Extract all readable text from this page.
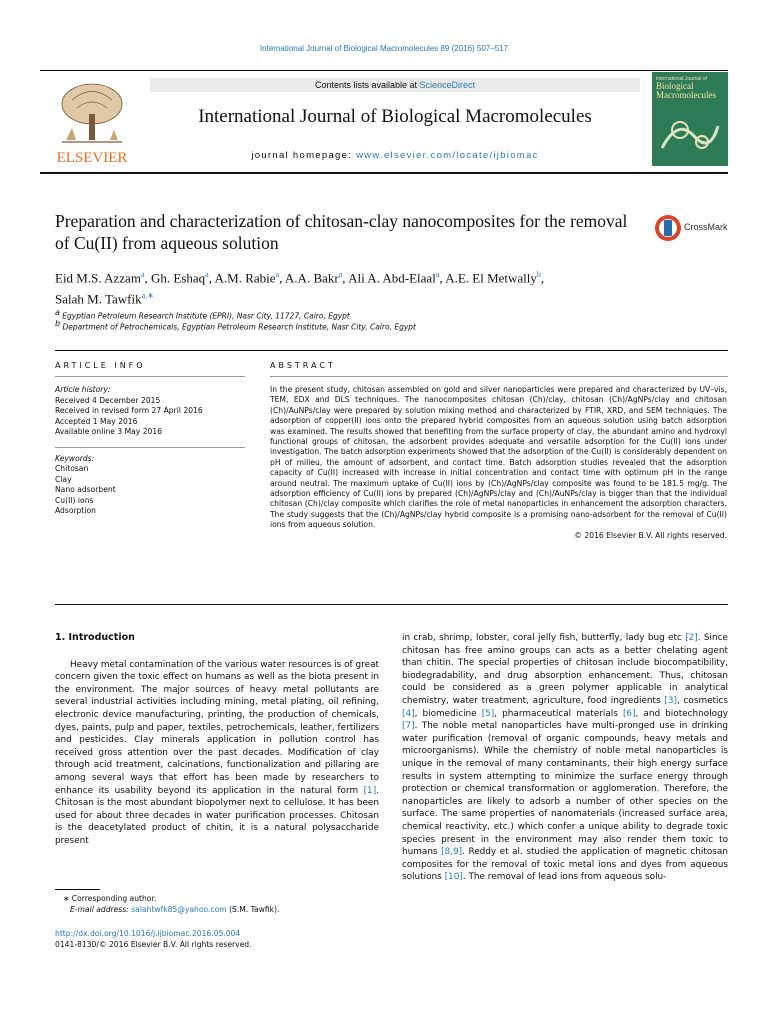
International Journal of Biological Macromolecules 89 (2016) 507–517
ELSEVIER
Contents lists available at ScienceDirect
International Journal of Biological Macromolecules
journal homepage: www.elsevier.com/locate/ijbiomac
International Journal of
Biological Macromolecules
Preparation and characterization of chitosan-clay nanocomposites for the removal of Cu(II) from aqueous solution
CrossMark
Eid M.S. Azzam$^a$, Gh. Eshaq$^a$, A.M. Rabie$^a$, A.A. Bakr$^a$, Ali A. Abd-Elaal$^a$, A.E. El Metwally$^b$,
Salah M. Tawfik$^{a,∗}$
$^a$ Egyptian Petroleum Research Institute (EPRI), Nasr City, 11727, Cairo, Egypt
$^b$ Department of Petrochemicals, Egyptian Petroleum Research Institute, Nasr City, Cairo, Egypt
ARTICLE INFO	ABSTRACT
Article history:
Received 4 December 2015
Received in revised form 27 April 2016
Accepted 1 May 2016
Available online 3 May 2016
Keywords:
Chitosan
Clay
Nano adsorbent
Cu(II) ions
Adsorption
In the present study, chitosan assembled on gold and silver nanoparticles were prepared and characterized by UV–vis, TEM, EDX and DLS techniques. The nanocomposites chitosan (Ch)/clay, chitosan (Ch)/AgNPs/clay and chitosan (Ch)/AuNPs/clay were prepared by solution mixing method and characterized by FTIR, XRD, and SEM techniques. The adsorption of copper(II) ions onto the prepared hybrid composites from an aqueous solution using batch adsorption was examined. The results showed that benefiting from the surface property of clay, the abundant amino and hydroxyl functional groups of chitosan, the adsorbent provides adequate and versatile adsorption for the Cu(II) ions under investigation. The batch adsorption experiments showed that the adsorption of the Cu(II) is considerably dependent on pH of milieu, the amount of adsorbent, and contact time. Batch adsorption studies revealed that the adsorption capacity of Cu(II) increased with increase in initial concentration and contact time with optimum pH in the range around neutral. The maximum uptake of Cu(II) ions by (Ch)/AgNPs/clay composite was found to be 181.5 mg/g. The adsorption efficiency of Cu(II) ions by prepared (Ch)/AgNPs/clay and (Ch)/AuNPs/clay is bigger than that the individual chitosan (Ch)/clay composite which clarifies the role of metal nanoparticles in enhancement the adsorption characters. The study suggests that the (Ch)/AgNPs/clay hybrid composite is a promising nano-adsorbent for the removal of Cu(II) ions from aqueous solution.
© 2016 Elsevier B.V. All rights reserved.

1. Introduction

Heavy metal contamination of the various water resources is of great concern given the toxic effect on humans as well as the biota present in the environment. The major sources of heavy metal pollutants are several industrial activities including mining, metal plating, oil refining, electronic device manufacturing, printing, the production of chemicals, dyes, paints, pulp and paper, textiles, petrochemicals, leather, fertilizers and pesticides. Clay minerals application in pollution control has received gross attention over the past decades. Modification of clay through acid treatment, calcinations, functionalization and pillaring are among several ways that effort has been made by researchers to enhance its usability beyond its application in the natural form [1]. Chitosan is the most abundant biopolymer next to cellulose. It has been used for about three decades in water purification processes. Chitosan is the deacetylated product of chitin, it is a natural polysaccharide present

in crab, shrimp, lobster, coral jelly fish, butterfly, lady bug etc [2]. Since chitosan has free amino groups can acts as a better chelating agent than chitin. The special properties of chitosan include biocompatibility, biodegradability, and drug absorption enhancement. Thus, chitosan could be considered as a green polymer applicable in analytical chemistry, water treatment, agriculture, food ingredients [3], cosmetics [4], biomedicine [5], pharmaceutical materials [6], and biotechnology [7]. The noble metal nanoparticles have multi-pronged use in drinking water purification (removal of organic compounds, heavy metals and microorganisms). While the chemistry of noble metal nanoparticles is unique in the removal of many contaminants, their high energy surface results in system attempting to minimize the surface energy through protection or chemical transformation or agglomeration. Therefore, the nanoparticles are likely to adsorb a number of other species on the surface. The same properties of nanomaterials (increased surface area, chemical reactivity, etc.) which confer a unique ability to degrade toxic species present in the environment may also render them toxic to humans [8,9]. Reddy et al. studied the application of magnetic chitosan composites for the removal of toxic metal ions and dyes from aqueous solutions [10]. The removal of lead ions from aqueous solu-

∗ Corresponding author.
E-mail address: salahtwfk85@yahoo.com (S.M. Tawfik).
http://dx.doi.org/10.1016/j.ijbiomac.2016.05.004
0141-8130/© 2016 Elsevier B.V. All rights reserved.
